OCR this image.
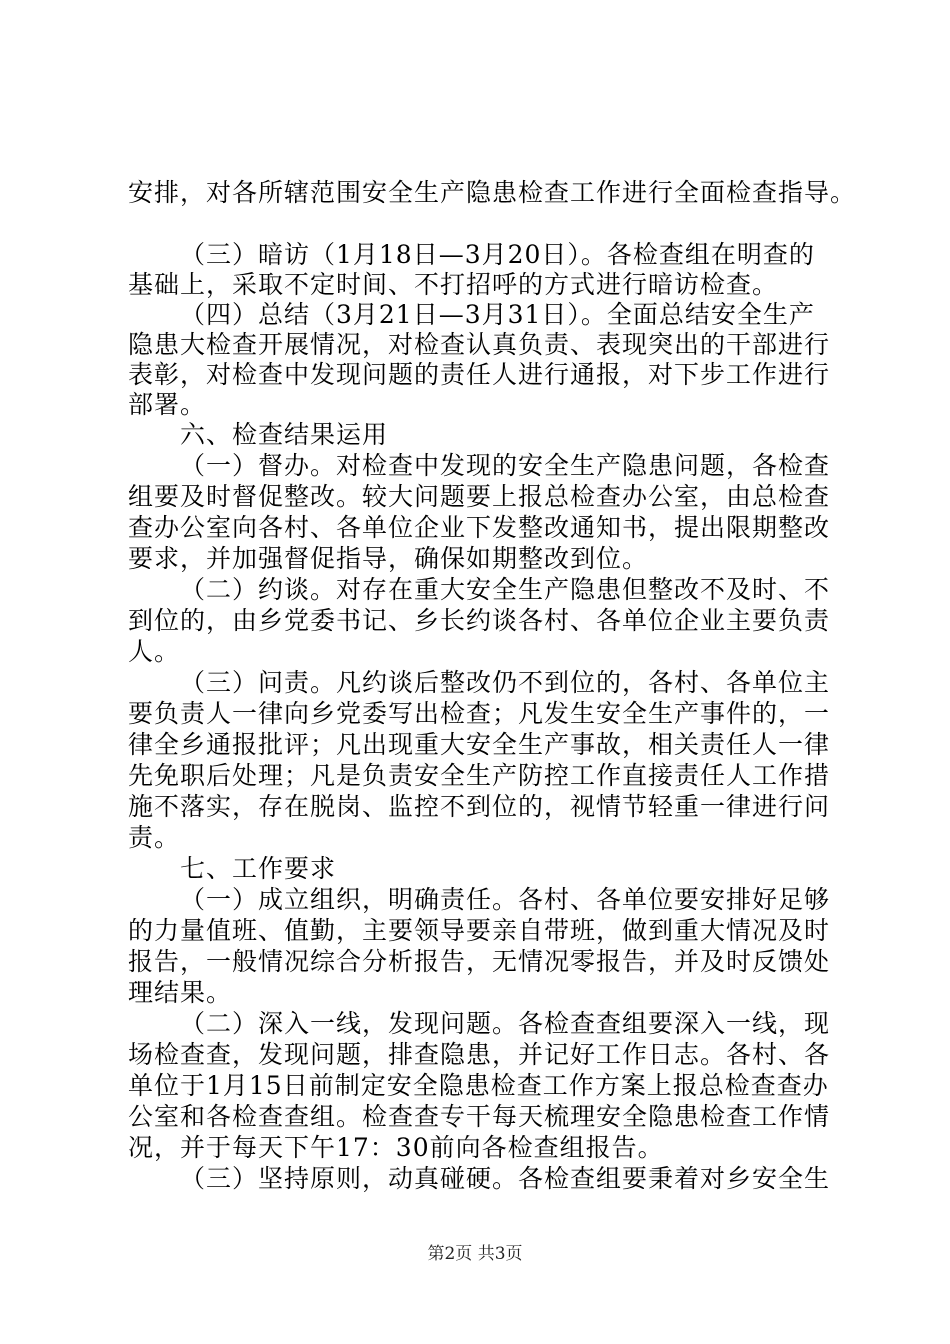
安排，对各所辖范围安全生产隐患检查工作进行全面检查指导。
（三）暗访（1月18日—3月20日）。各检查组在明查的
基础上，采取不定时间、不打招呼的方式进行暗访检查。
（四）总结（3月21日—3月31日）。全面总结安全生产
隐患大检查开展情况，对检查认真负责、表现突出的干部进行
表彰，对检查中发现问题的责任人进行通报，对下步工作进行
部署。
六、检查结果运用
（一）督办。对检查中发现的安全生产隐患问题，各检查
组要及时督促整改。较大问题要上报总检查办公室，由总检查
查办公室向各村、各单位企业下发整改通知书，提出限期整改
要求，并加强督促指导，确保如期整改到位。
（二）约谈。对存在重大安全生产隐患但整改不及时、不
到位的，由乡党委书记、乡长约谈各村、各单位企业主要负责
人。
（三）问责。凡约谈后整改仍不到位的，各村、各单位主
要负责人一律向乡党委写出检查；凡发生安全生产事件的，一
律全乡通报批评；凡出现重大安全生产事故，相关责任人一律
先免职后处理；凡是负责安全生产防控工作直接责任人工作措
施不落实，存在脱岗、监控不到位的，视情节轻重一律进行问
责。
七、工作要求
（一）成立组织，明确责任。各村、各单位要安排好足够
的力量值班、值勤，主要领导要亲自带班，做到重大情况及时
报告，一般情况综合分析报告，无情况零报告，并及时反馈处
理结果。
（二）深入一线，发现问题。各检查查组要深入一线，现
场检查查，发现问题，排查隐患，并记好工作日志。各村、各
单位于1月15日前制定安全隐患检查工作方案上报总检查查办
公室和各检查查组。检查查专干每天梳理安全隐患检查工作情
况，并于每天下午17：30前向各检查组报告。
（三）坚持原则，动真碰硬。各检查组要秉着对乡安全生
第2页 共3页
